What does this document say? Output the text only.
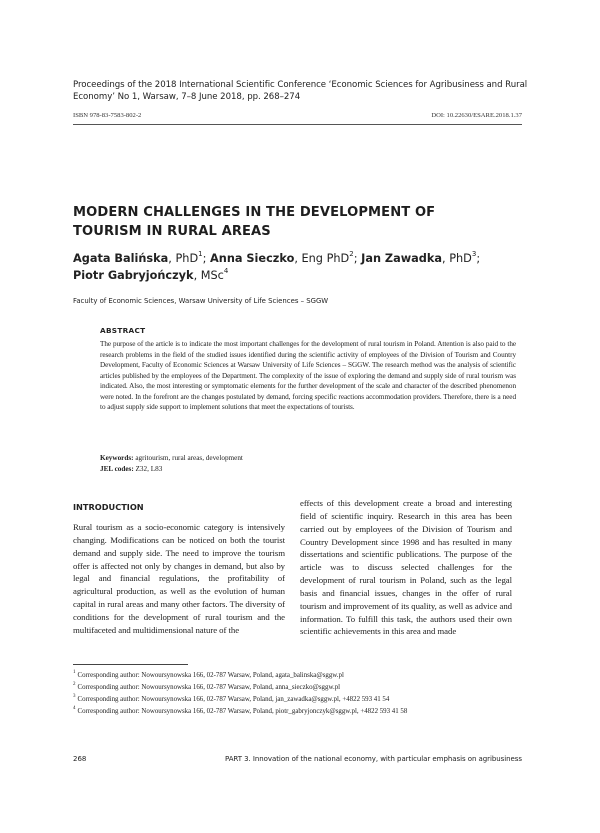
Proceedings of the 2018 International Scientific Conference ‘Economic Sciences for Agribusiness and Rural Economy’ No 1, Warsaw, 7–8 June 2018, pp. 268–274
ISBN 978-83-7583-802-2	DOI: 10.22630/ESARE.2018.1.37
MODERN CHALLENGES IN THE DEVELOPMENT OF TOURISM IN RURAL AREAS
Agata Balińska, PhD$^1$; Anna Sieczko, Eng PhD$^2$; Jan Zawadka, PhD$^3$;
Piotr Gabryjończyk, MSc$^4$
Faculty of Economic Sciences, Warsaw University of Life Sciences – SGGW
ABSTRACT
The purpose of the article is to indicate the most important challenges for the development of rural tourism in Poland. Attention is also paid to the research problems in the field of the studied issues identified during the scientific activity of employees of the Division of Tourism and Country Development, Faculty of Economic Sciences at Warsaw University of Life Sciences – SGGW. The research method was the analysis of scientific articles published by the employees of the Department. The complexity of the issue of exploring the demand and supply side of rural tourism was indicated. Also, the most interesting or symptomatic elements for the further development of the scale and character of the described phenomenon were noted. In the forefront are the changes postulated by demand, forcing specific reactions accommodation providers. Therefore, there is a need to adjust supply side support to implement solutions that meet the expectations of tourists.
Keywords: agritourism, rural areas, development
JEL codes: Z32, L83
INTRODUCTION
Rural tourism as a socio-economic category is intensively changing. Modifications can be noticed on both the tourist demand and supply side. The need to improve the tourism offer is affected not only by changes in demand, but also by legal and financial regulations, the profitability of agricultural production, as well as the evolution of human capital in rural areas and many other factors. The diversity of conditions for the development of rural tourism and the multifaceted and multidimensional nature of the
effects of this development create a broad and interesting field of scientific inquiry. Research in this area has been carried out by employees of the Division of Tourism and Country Development since 1998 and has resulted in many dissertations and scientific publications. The purpose of the article was to discuss selected challenges for the development of rural tourism in Poland, such as the legal basis and financial issues, changes in the offer of rural tourism and improvement of its quality, as well as advice and information. To fulfill this task, the authors used their own scientific achievements in this area and made
$^1$ Corresponding author: Nowoursynowska 166, 02-787 Warsaw, Poland, agata_balinska@sggw.pl
$^2$ Corresponding author: Nowoursynowska 166, 02-787 Warsaw, Poland, anna_sieczko@sggw.pl
$^3$ Corresponding author: Nowoursynowska 166, 02-787 Warsaw, Poland, jan_zawadka@sggw.pl, +4822 593 41 54
$^4$ Corresponding author: Nowoursynowska 166, 02-787 Warsaw, Poland, piotr_gabryjonczyk@sggw.pl, +4822 593 41 58
268	PART 3. Innovation of the national economy, with particular emphasis on agribusiness
